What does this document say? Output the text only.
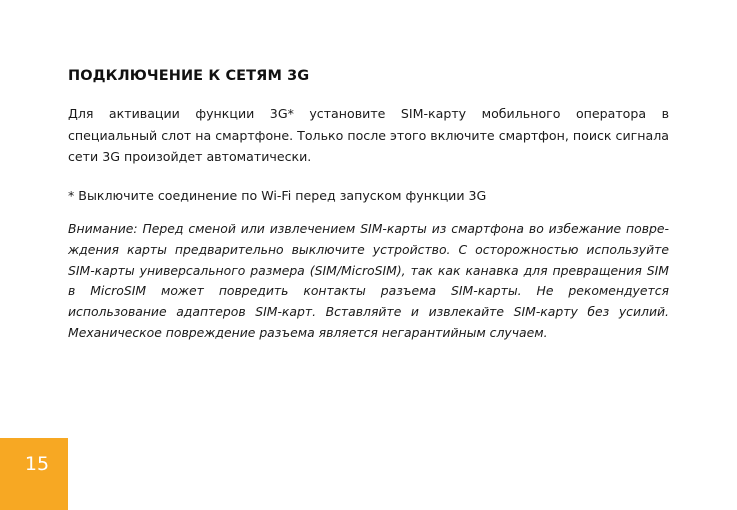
ПОДКЛЮЧЕНИЕ К СЕТЯМ 3G

Для активации функции 3G* установите SIM-карту мобильного оператора в специальный слот на смартфоне. Только после этого включите смартфон, поиск сигнала сети 3G произойдет автоматически.

* Выключите соединение по Wi-Fi перед запуском функции 3G

Внимание: Перед сменой или извлечением SIM-карты из смартфона во избежание повреждения карты предварительно выключите устройство. С осторожностью используйте SIM-карты универсального размера (SIM/MicroSIM), так как канавка для превращения SIM в MicroSIM может повредить контакты разъема SIM-карты. Не рекомендуется использование адаптеров SIM-карт. Вставляйте и извлекайте SIM-карту без усилий. Механическое повреждение разъема является негарантийным случаем.

15
